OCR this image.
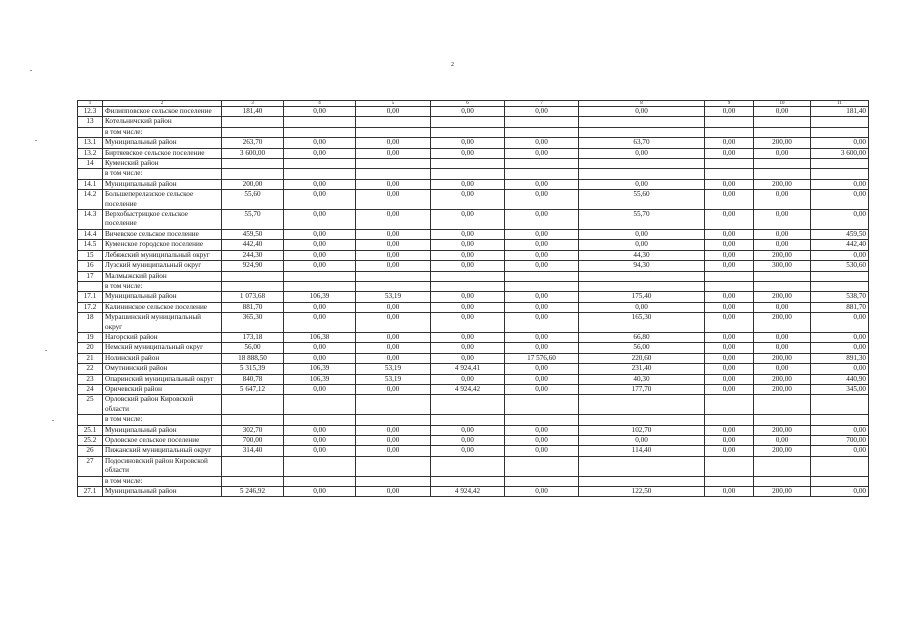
2
1	2	3	4	5	6	7	8	9	10	11
12.3	Филипповское сельское поселение	181,40	0,00	0,00	0,00	0,00	0,00	0,00	0,00	181,40
13	Котельничский район									
	в том числе:									
13.1	Муниципальный район	263,70	0,00	0,00	0,00	0,00	63,70	0,00	200,00	0,00
13.2	Биртяевское сельское поселение	3 600,00	0,00	0,00	0,00	0,00	0,00	0,00	0,00	3 600,00
14	Куменский район									
	в том числе:									
14.1	Муниципальный район	200,00	0,00	0,00	0,00	0,00	0,00	0,00	200,00	0,00
14.2	Большеперелазское сельское поселение	55,60	0,00	0,00	0,00	0,00	55,60	0,00	0,00	0,00
14.3	Верхобыстрицкое сельское поселение	55,70	0,00	0,00	0,00	0,00	55,70	0,00	0,00	0,00
14.4	Вичевское сельское поселение	459,50	0,00	0,00	0,00	0,00	0,00	0,00	0,00	459,50
14.5	Куменское городское поселение	442,40	0,00	0,00	0,00	0,00	0,00	0,00	0,00	442,40
15	Лебяжский муниципальный округ	244,30	0,00	0,00	0,00	0,00	44,30	0,00	200,00	0,00
16	Лузский муниципальный округ	924,90	0,00	0,00	0,00	0,00	94,30	0,00	300,00	530,60
17	Малмыжский район									
	в том числе:									
17.1	Муниципальный район	1 073,68	106,39	53,19	0,00	0,00	175,40	0,00	200,00	538,70
17.2	Калининское сельское поселение	881,70	0,00	0,00	0,00	0,00	0,00	0,00	0,00	881,70
18	Мурашинский муниципальный округ	365,30	0,00	0,00	0,00	0,00	165,30	0,00	200,00	0,00
19	Нагорский район	173,18	106,38	0,00	0,00	0,00	66,80	0,00	0,00	0,00
20	Немский муниципальный округ	56,00	0,00	0,00	0,00	0,00	56,00	0,00	0,00	0,00
21	Нолинский район	18 888,50	0,00	0,00	0,00	17 576,60	220,60	0,00	200,00	891,30
22	Омутнинский район	5 315,39	106,39	53,19	4 924,41	0,00	231,40	0,00	0,00	0,00
23	Опаринский муниципальный округ	840,78	106,39	53,19	0,00	0,00	40,30	0,00	200,00	440,90
24	Оричевский район	5 647,12	0,00	0,00	4 924,42	0,00	177,70	0,00	200,00	345,00
25	Орловский район Кировской области									
	в том числе:									
25.1	Муниципальный район	302,70	0,00	0,00	0,00	0,00	102,70	0,00	200,00	0,00
25.2	Орловское сельское поселение	700,00	0,00	0,00	0,00	0,00	0,00	0,00	0,00	700,00
26	Пижанский муниципальный округ	314,40	0,00	0,00	0,00	0,00	114,40	0,00	200,00	0,00
27	Подосиновский район Кировской области									
	в том числе:									
27.1	Муниципальный район	5 246,92	0,00	0,00	4 924,42	0,00	122,50	0,00	200,00	0,00
